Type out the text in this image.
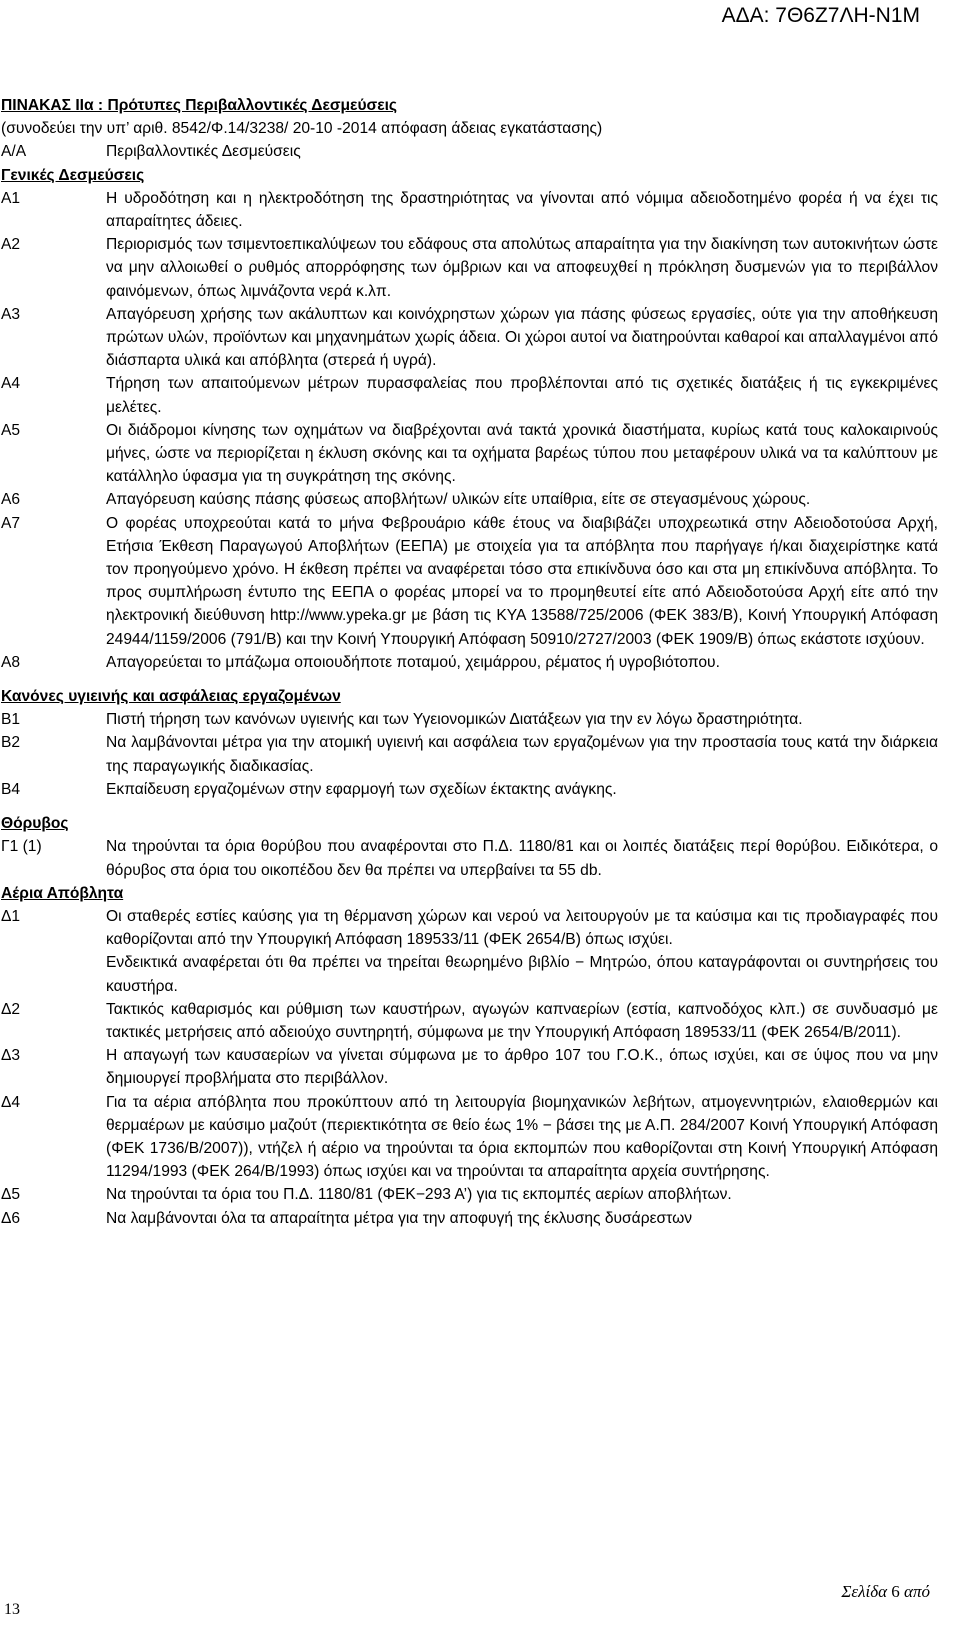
ΑΔΑ: 7Θ6Ζ7ΛΗ-Ν1Μ
ΠΙΝΑΚΑΣ ΙΙα : Πρότυπες Περιβαλλοντικές Δεσμεύσεις
(συνοδεύει την υπ’ αριθ. 8542/Φ.14/3238/ 20-10 -2014 απόφαση άδειας εγκατάστασης)
Α/Α	Περιβαλλοντικές Δεσμεύσεις
Γενικές Δεσμεύσεις
Α1	Η υδροδότηση και η ηλεκτροδότηση της δραστηριότητας να γίνονται από νόμιμα αδειοδοτημένο φορέα ή να έχει τις απαραίτητες άδειες.

Α2	Περιορισμός των τσιμεντοεπικαλύψεων του εδάφους στα απολύτως απαραίτητα για την διακίνηση των αυτοκινήτων ώστε να μην αλλοιωθεί ο ρυθμός απορρόφησης των όμβριων και να αποφευχθεί η πρόκληση δυσμενών για το περιβάλλον φαινόμενων, όπως λιμνάζοντα νερά κ.λπ.

Α3	Απαγόρευση χρήσης των ακάλυπτων και κοινόχρηστων χώρων για πάσης φύσεως εργασίες, ούτε για την αποθήκευση πρώτων υλών, προϊόντων και μηχανημάτων χωρίς άδεια. Οι χώροι αυτοί να διατηρούνται καθαροί και απαλλαγμένοι από διάσπαρτα υλικά και απόβλητα (στερεά ή υγρά).

Α4	Τήρηση των απαιτούμενων μέτρων πυρασφαλείας που προβλέπονται από τις σχετικές διατάξεις ή τις εγκεκριμένες μελέτες.

Α5	Οι διάδρομοι κίνησης των οχημάτων να διαβρέχονται ανά τακτά χρονικά διαστήματα, κυρίως κατά τους καλοκαιρινούς μήνες, ώστε να περιορίζεται η έκλυση σκόνης και τα οχήματα βαρέως τύπου που μεταφέρουν υλικά να τα καλύπτουν με κατάλληλο ύφασμα για τη συγκράτηση της σκόνης.

Α6	Απαγόρευση καύσης πάσης φύσεως αποβλήτων/ υλικών είτε υπαίθρια, είτε σε στεγασμένους χώρους.

Α7	Ο φορέας υποχρεούται κατά το μήνα Φεβρουάριο κάθε έτους να διαβιβάζει υποχρεωτικά στην Αδειοδοτούσα Αρχή, Ετήσια Έκθεση Παραγωγού Αποβλήτων (ΕΕΠΑ) με στοιχεία για τα απόβλητα που παρήγαγε ή/και διαχειρίστηκε κατά τον προηγούμενο χρόνο. Η έκθεση πρέπει να αναφέρεται τόσο στα επικίνδυνα όσο και στα μη επικίνδυνα απόβλητα. Το προς συμπλήρωση έντυπο της ΕΕΠΑ ο φορέας μπορεί να το προμηθευτεί είτε από Αδειοδοτούσα Αρχή είτε από την ηλεκτρονική διεύθυνση http://www.ypeka.gr με βάση τις ΚΥΑ 13588/725/2006 (ΦΕΚ 383/Β), Κοινή Υπουργική Απόφαση 24944/1159/2006 (791/Β) και την Κοινή Υπουργική Απόφαση 50910/2727/2003 (ΦΕΚ 1909/Β) όπως εκάστοτε ισχύουν.

Α8	Απαγορεύεται το μπάζωμα οποιουδήποτε ποταμού, χειμάρρου, ρέματος ή υγροβιότοπου.

Κανόνες υγιεινής και ασφάλειας εργαζομένων
Β1	Πιστή τήρηση των κανόνων υγιεινής και των Υγειονομικών Διατάξεων για την εν λόγω δραστηριότητα.

Β2	Να λαμβάνονται μέτρα για την ατομική υγιεινή και ασφάλεια των εργαζομένων για την προστασία τους κατά την διάρκεια της παραγωγικής διαδικασίας.

Β4	Εκπαίδευση εργαζομένων στην εφαρμογή των σχεδίων έκτακτης ανάγκης.

Θόρυβος
Γ1 (1)	Να τηρούνται τα όρια θορύβου που αναφέρονται στο Π.Δ. 1180/81 και οι λοιπές διατάξεις περί θορύβου. Ειδικότερα, ο θόρυβος στα όρια του οικοπέδου δεν θα πρέπει να υπερβαίνει τα 55 db.

Αέρια Απόβλητα
Δ1	Οι σταθερές εστίες καύσης για τη θέρμανση χώρων και νερού να λειτουργούν με τα καύσιμα και τις προδιαγραφές που καθορίζονται από την Υπουργική Απόφαση 189533/11 (ΦΕΚ 2654/Β) όπως ισχύει.

Ενδεικτικά αναφέρεται ότι θα πρέπει να τηρείται θεωρημένο βιβλίο − Μητρώο, όπου καταγράφονται οι συντηρήσεις του καυστήρα.

Δ2	Τακτικός καθαρισμός και ρύθμιση των καυστήρων, αγωγών καπναερίων (εστία, καπνοδόχος κλπ.) σε συνδυασμό με τακτικές μετρήσεις από αδειούχο συντηρητή, σύμφωνα με την Υπουργική Απόφαση 189533/11 (ΦΕΚ 2654/Β/2011).

Δ3	Η απαγωγή των καυσαερίων να γίνεται σύμφωνα με το άρθρο 107 του Γ.Ο.Κ., όπως ισχύει, και σε ύψος που να μην δημιουργεί προβλήματα στο περιβάλλον.

Δ4	Για τα αέρια απόβλητα που προκύπτουν από τη λειτουργία βιομηχανικών λεβήτων, ατμογεννητριών, ελαιοθερμών και θερμαέρων με καύσιμο μαζούτ (περιεκτικότητα σε θείο έως 1% − βάσει της με Α.Π. 284/2007 Κοινή Υπουργική Απόφαση (ΦΕΚ 1736/Β/2007)), ντήζελ ή αέριο να τηρούνται τα όρια εκπομπών που καθορίζονται στη Κοινή Υπουργική Απόφαση 11294/1993 (ΦΕΚ 264/Β/1993) όπως ισχύει και να τηρούνται τα απαραίτητα αρχεία συντήρησης.

Δ5	Να τηρούνται τα όρια του Π.Δ. 1180/81 (ΦΕΚ−293 Α’) για τις εκπομπές αερίων αποβλήτων.

Δ6	Να λαμβάνονται όλα τα απαραίτητα μέτρα για την αποφυγή της έκλυσης δυσάρεστων

Σελίδα 6 από
13
